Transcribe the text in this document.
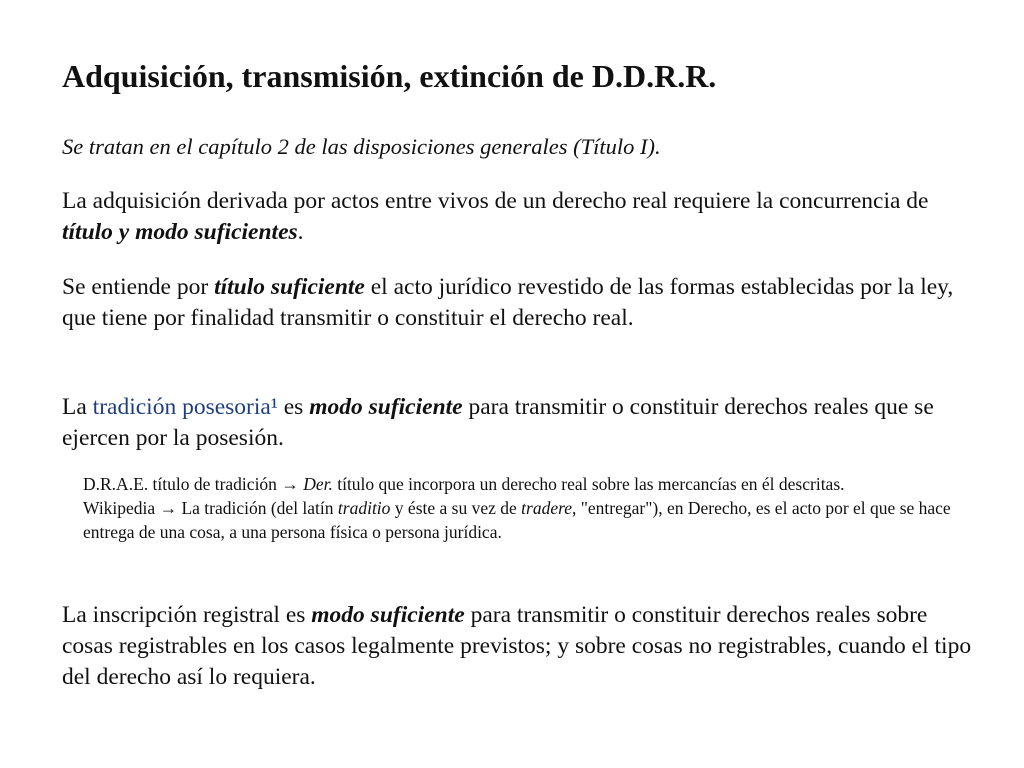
Adquisición, transmisión, extinción de D.D.R.R.

Se tratan en el capítulo 2 de las disposiciones generales (Título I).

La adquisición derivada por actos entre vivos de un derecho real requiere la concurrencia de título y modo suficientes.

Se entiende por título suficiente el acto jurídico revestido de las formas establecidas por la ley, que tiene por finalidad transmitir o constituir el derecho real.

La tradición posesoria¹ es modo suficiente para transmitir o constituir derechos reales que se ejercen por la posesión.

D.R.A.E. título de tradición → Der. título que incorpora un derecho real sobre las mercancías en él descritas.
Wikipedia → La tradición (del latín traditio y éste a su vez de tradere, "entregar"), en Derecho, es el acto por el que se hace entrega de una cosa, a una persona física o persona jurídica.

La inscripción registral es modo suficiente para transmitir o constituir derechos reales sobre cosas registrables en los casos legalmente previstos; y sobre cosas no registrables, cuando el tipo del derecho así lo requiera.
